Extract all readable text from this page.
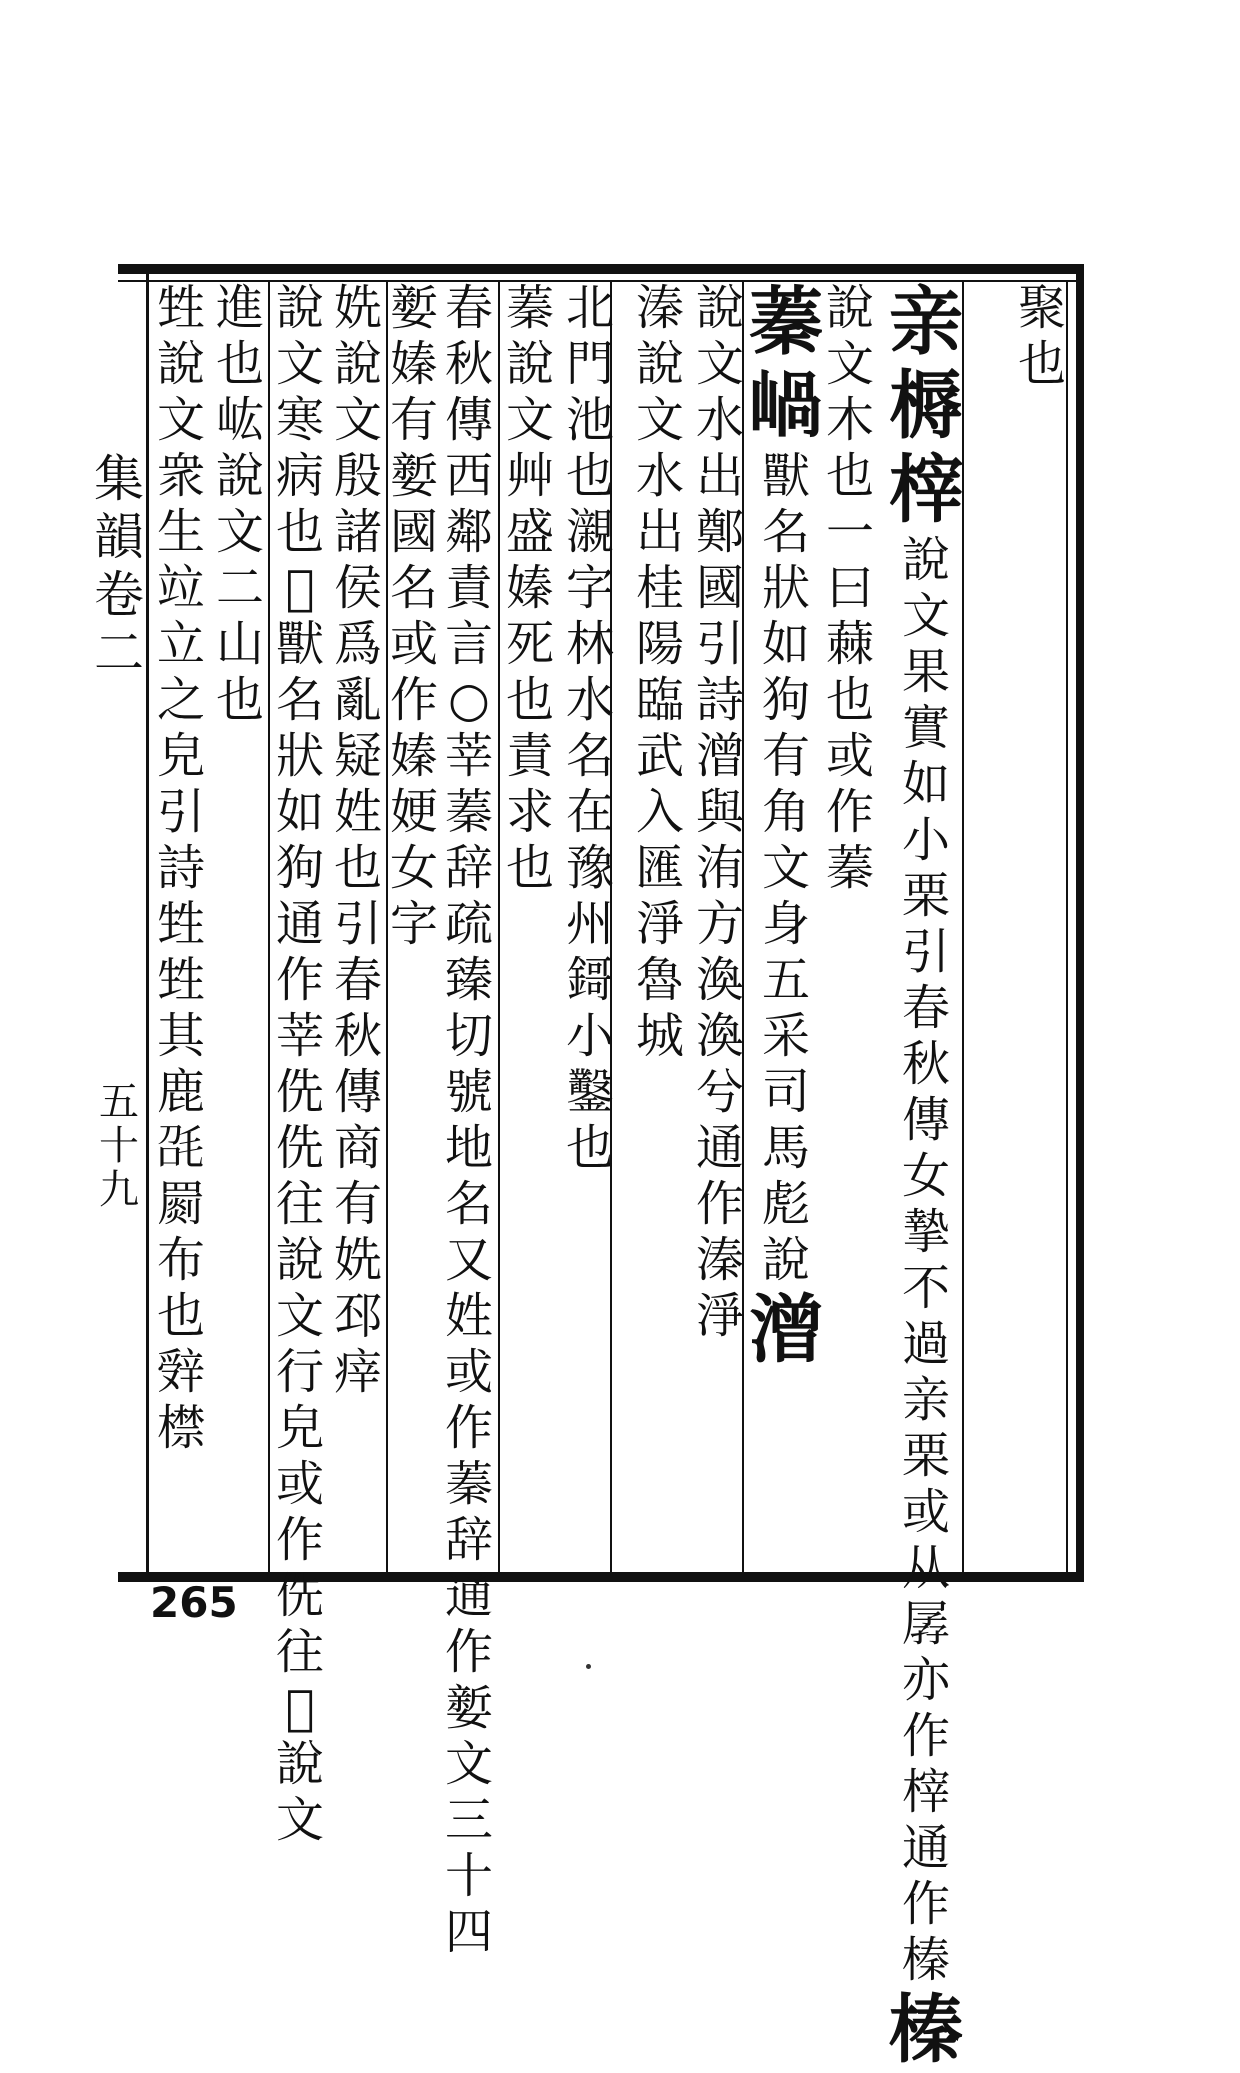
聚
也
亲
槈
榟
說
文
果
實
如
小
栗
引
春
秋
傳
女
摯
不
過
亲
栗
或
从
孱
亦
作
榟
通
作
榛
榛
說
文
木
也
一
曰
蕀
也
或
作
蓁
蓁
𡹬
獸
名
狀
如
狗
有
角
文
身
五
采
司
馬
彪
說
潧
說
文
水
出
鄭
國
引
詩
潧
與
洧
方
渙
渙
兮
通
作
溱
淨
溱
說
文
水
出
桂
陽
臨
武
入
匯
淨
魯
城
北
門
池
也
瀙
字
林
水
名
在
豫
州
鎶
小
鑿
也
蓁
說
文
艸
盛
嫀
死
也
責
求
也
春
秋
傳
西
鄰
責
言
○
莘
蓁
辞
疏
臻
切
號
地
名
又
姓
或
作
蓁
辞
通
作
㜪
文
三
十
四
㜪
嫀
有
㜪
國
名
或
作
嫀
㛐
女
字
姺
說
文
殷
諸
侯
爲
亂
疑
姓
也
引
春
秋
傳
商
有
姺
邳
㾕
說
文
寒
病
也
𤜓
獸
名
狀
如
狗
通
作
莘
侁
侁
往
說
文
行
皃
或
作
侁
往
𤘍
說
文
進
也
𡵓
說
文
二
山
也
甡
說
文
衆
生
竝
立
之
皃
引
詩
甡
甡
其
鹿
𣬸
罽
布
也
辤
㯲
集
韻
卷
二
五
十
九
265
